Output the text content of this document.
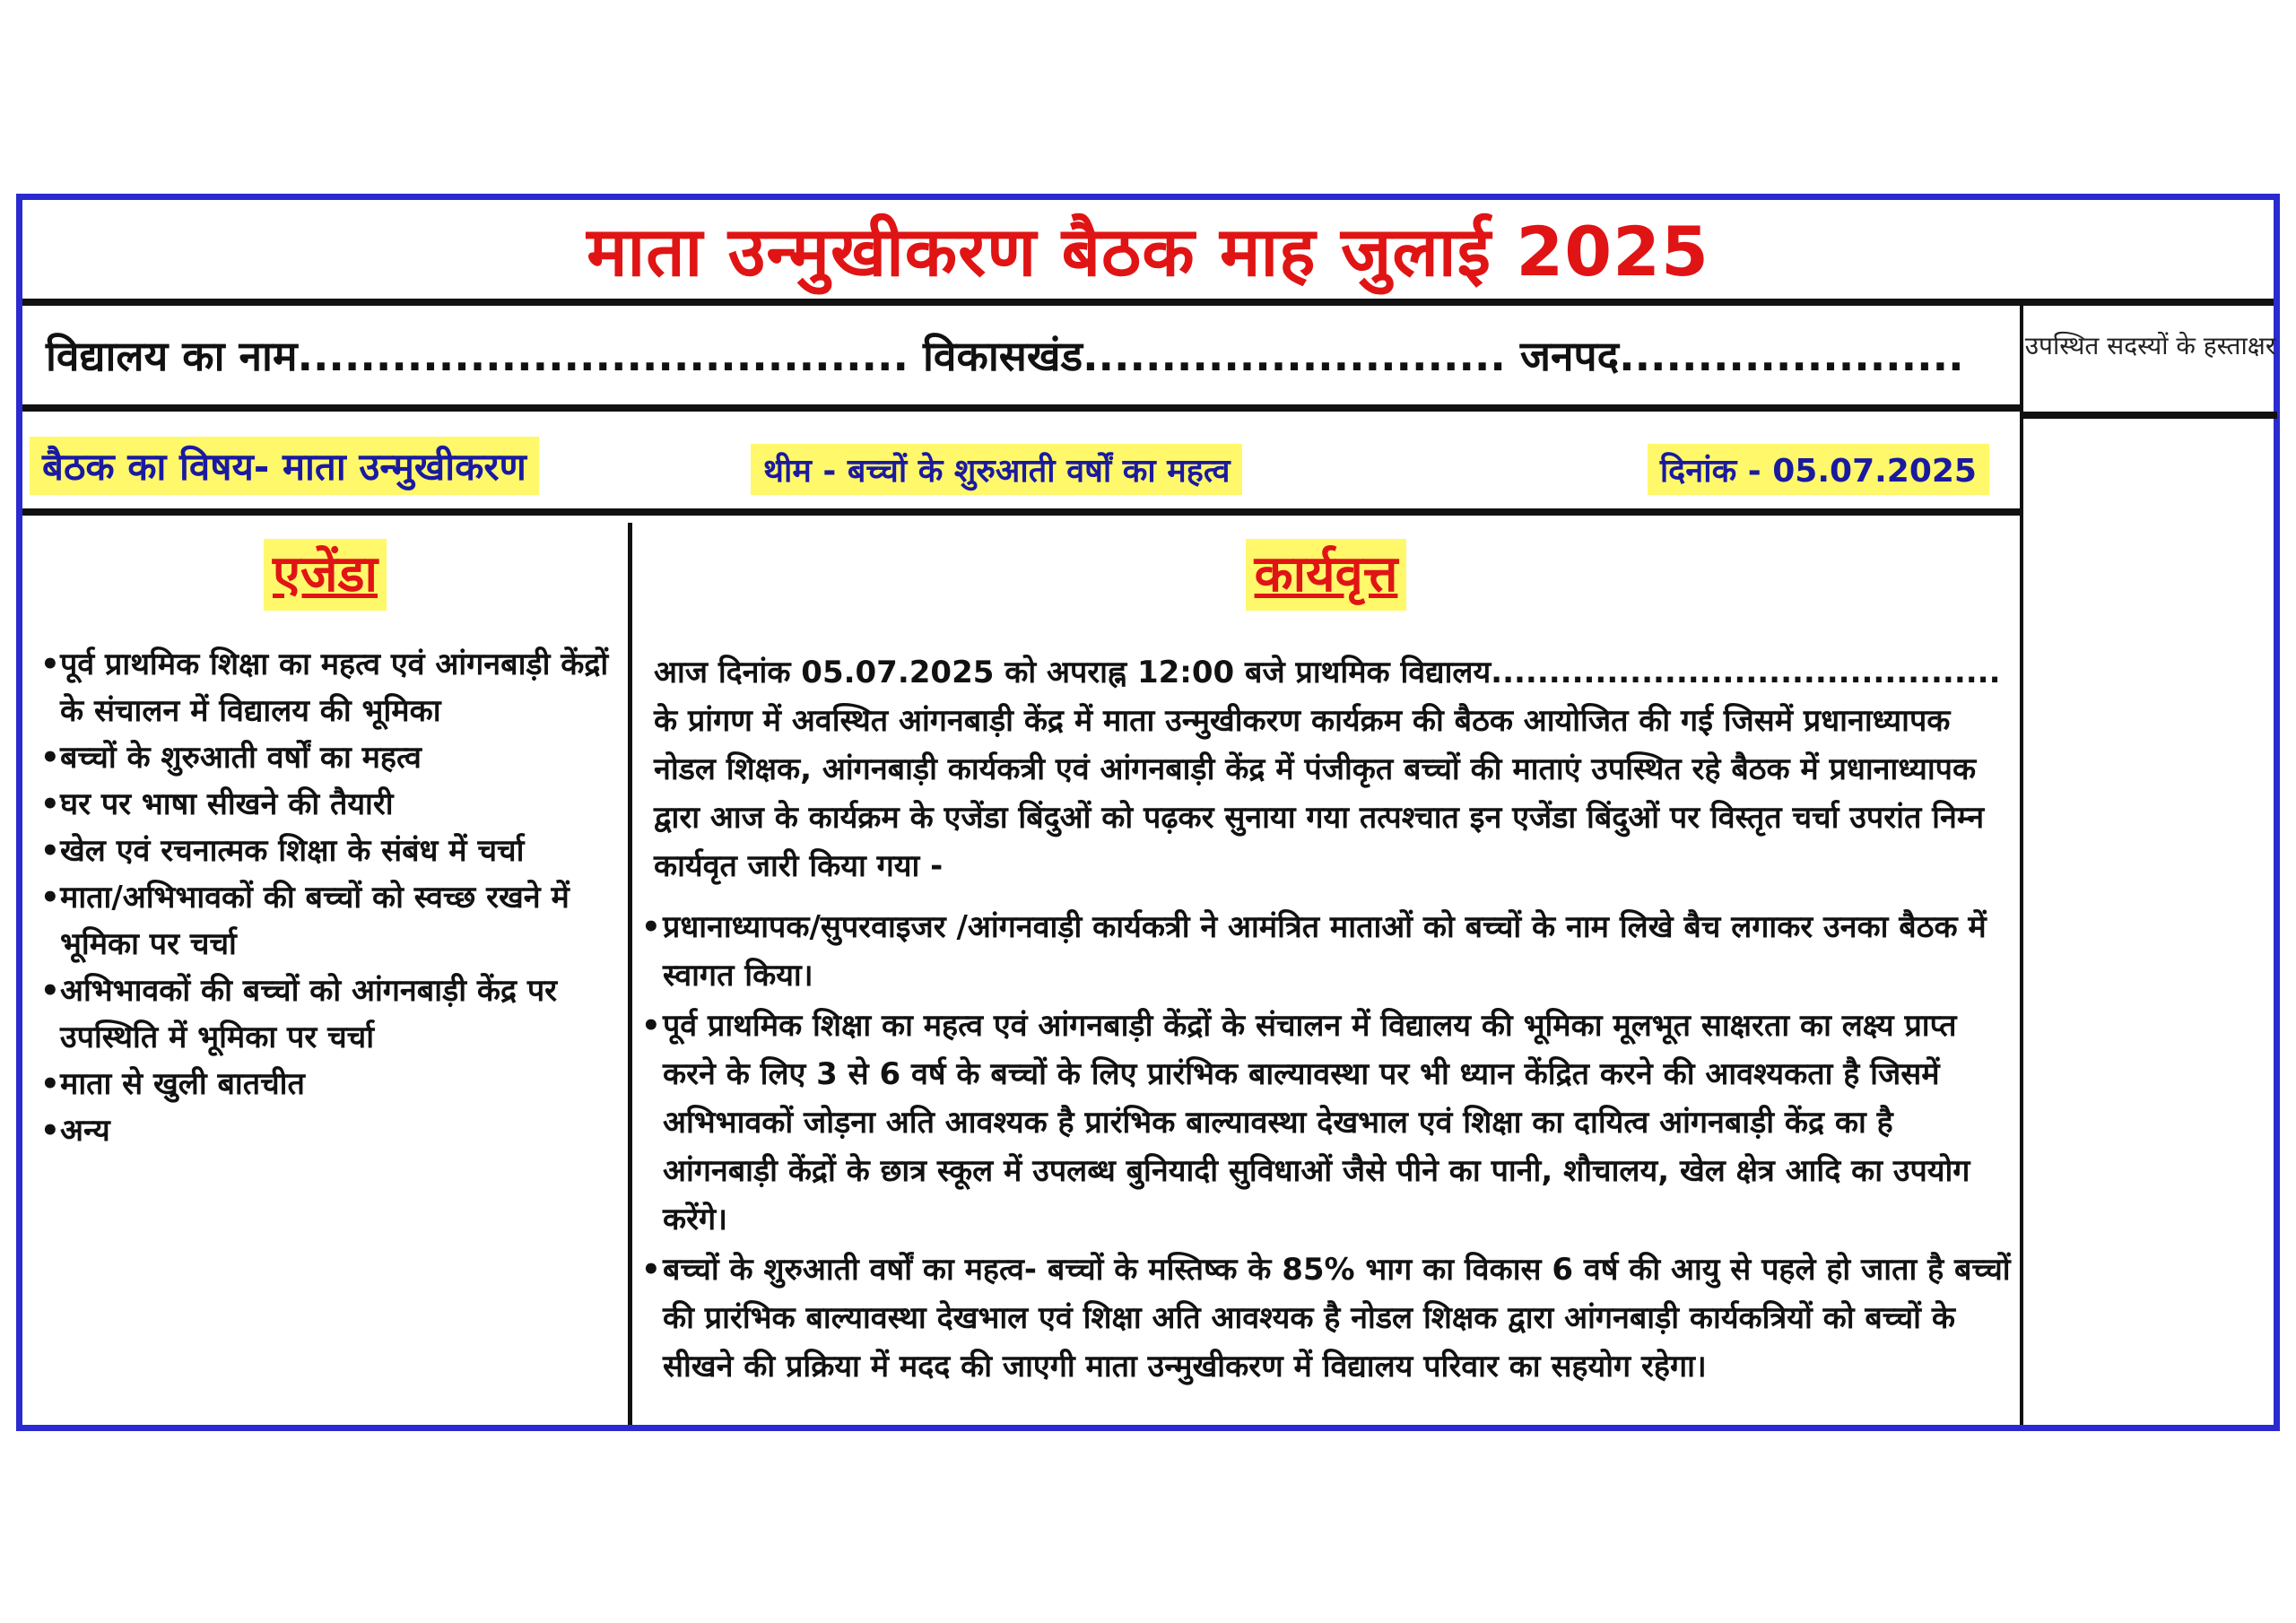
माता उन्मुखीकरण बैठक माह जुलाई 2025
विद्यालय का नाम....................................... विकासखंड........................... जनपद...................... उपस्थित सदस्यों के हस्ताक्षर
बैठक का विषय- माता उन्मुखीकरण	थीम - बच्चों के शुरुआती वर्षों का महत्व	दिनांक - 05.07.2025
एजेंडा
• पूर्व प्राथमिक शिक्षा का महत्व एवं आंगनबाड़ी केंद्रों के संचालन में विद्यालय की भूमिका
• बच्चों के शुरुआती वर्षों का महत्व
• घर पर भाषा सीखने की तैयारी
• खेल एवं रचनात्मक शिक्षा के संबंध में चर्चा
• माता/अभिभावकों की बच्चों को स्वच्छ रखने में भूमिका पर चर्चा
• अभिभावकों की बच्चों को आंगनबाड़ी केंद्र पर उपस्थिति में भूमिका पर चर्चा
• माता से खुली बातचीत
• अन्य
कार्यवृत्त

आज दिनांक 05.07.2025 को अपराह्न 12:00 बजे प्राथमिक विद्यालय............................................ के प्रांगण में अवस्थित आंगनबाड़ी केंद्र में माता उन्मुखीकरण कार्यक्रम की बैठक आयोजित की गई जिसमें प्रधानाध्यापक नोडल शिक्षक, आंगनबाड़ी कार्यकत्री एवं आंगनबाड़ी केंद्र में पंजीकृत बच्चों की माताएं उपस्थित रहे बैठक में प्रधानाध्यापक द्वारा आज के कार्यक्रम के एजेंडा बिंदुओं को पढ़कर सुनाया गया तत्पश्चात इन एजेंडा बिंदुओं पर विस्तृत चर्चा उपरांत निम्न कार्यवृत जारी किया गया -

• प्रधानाध्यापक/सुपरवाइजर /आंगनवाड़ी कार्यकत्री ने आमंत्रित माताओं को बच्चों के नाम लिखे बैच लगाकर उनका बैठक में स्वागत किया।
• पूर्व प्राथमिक शिक्षा का महत्व एवं आंगनबाड़ी केंद्रों के संचालन में विद्यालय की भूमिका मूलभूत साक्षरता का लक्ष्य प्राप्त करने के लिए 3 से 6 वर्ष के बच्चों के लिए प्रारंभिक बाल्यावस्था पर भी ध्यान केंद्रित करने की आवश्यकता है जिसमें अभिभावकों जोड़ना अति आवश्यक है प्रारंभिक बाल्यावस्था देखभाल एवं शिक्षा का दायित्व आंगनबाड़ी केंद्र का है आंगनबाड़ी केंद्रों के छात्र स्कूल में उपलब्ध बुनियादी सुविधाओं जैसे पीने का पानी, शौचालय, खेल क्षेत्र आदि का उपयोग करेंगे।
• बच्चों के शुरुआती वर्षों का महत्व- बच्चों के मस्तिष्क के 85% भाग का विकास 6 वर्ष की आयु से पहले हो जाता है बच्चों की प्रारंभिक बाल्यावस्था देखभाल एवं शिक्षा अति आवश्यक है नोडल शिक्षक द्वारा आंगनबाड़ी कार्यकत्रियों को बच्चों के सीखने की प्रक्रिया में मदद की जाएगी माता उन्मुखीकरण में विद्यालय परिवार का सहयोग रहेगा।
